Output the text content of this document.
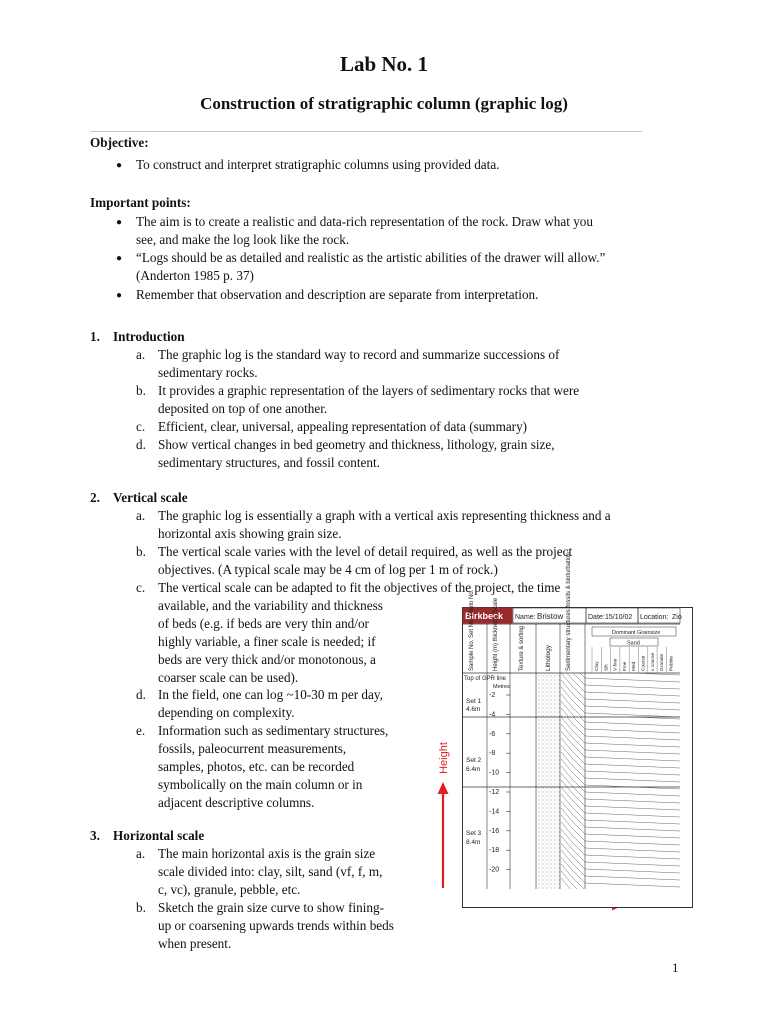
Lab No. 1
Construction of stratigraphic column (graphic log)
Objective:
● To construct and interpret stratigraphic columns using provided data.
Important points:
● The aim is to create a realistic and data-rich representation of the rock. Draw what you
see, and make the log look like the rock.
● “Logs should be as detailed and realistic as the artistic abilities of the drawer will allow.”
(Anderton 1985 p. 37)
● Remember that observation and description are separate from interpretation.
1. Introduction
a. The graphic log is the standard way to record and summarize successions of
sedimentary rocks.
b. It provides a graphic representation of the layers of sedimentary rocks that were
deposited on top of one another.
c. Efficient, clear, universal, appealing representation of data (summary)
d. Show vertical changes in bed geometry and thickness, lithology, grain size,
sedimentary structures, and fossil content.
2. Vertical scale
a. The graphic log is essentially a graph with a vertical axis representing thickness and a
horizontal axis showing grain size.
b. The vertical scale varies with the level of detail required, as well as the project
objectives. (A typical scale may be 4 cm of log per 1 m of rock.)
c. The vertical scale can be adapted to fit the objectives of the project, the time
available, and the variability and thickness
of beds (e.g. if beds are very thin and/or
highly variable, a finer scale is needed; if
beds are very thick and/or monotonous, a
coarser scale can be used).
d. In the field, one can log ~10-30 m per day,
depending on complexity.
e. Information such as sedimentary structures,
fossils, paleocurrent measurements,
samples, photos, etc. can be recorded
symbolically on the main column or in
adjacent descriptive columns.
3. Horizontal scale
a. The main horizontal axis is the grain size
scale divided into: clay, silt, sand (vf, f, m,
c, vc), granule, pebble, etc.
b. Sketch the grain size curve to show fining-
up or coarsening upwards trends within beds
when present.
Height
Birkbeck Name: Bristow	Date: 15/10/02 Location: Zio
Sample No. Set No. Photo No.	Height (m) thickness. Scale	Texture & sorting	Lithology Sedimentary structures fossils & bioturbation	Dominant Grainsize
Sand
Clay Silt V fine Fine Med Coarse v coarse Granule Pebble
Top of GPR line
Metres
Set 1
4.6m
Set 2
6.4m
Set 3
8.4m
-2
-4
-6
-8
-10
-12
-14
-16
-18
-20
1
